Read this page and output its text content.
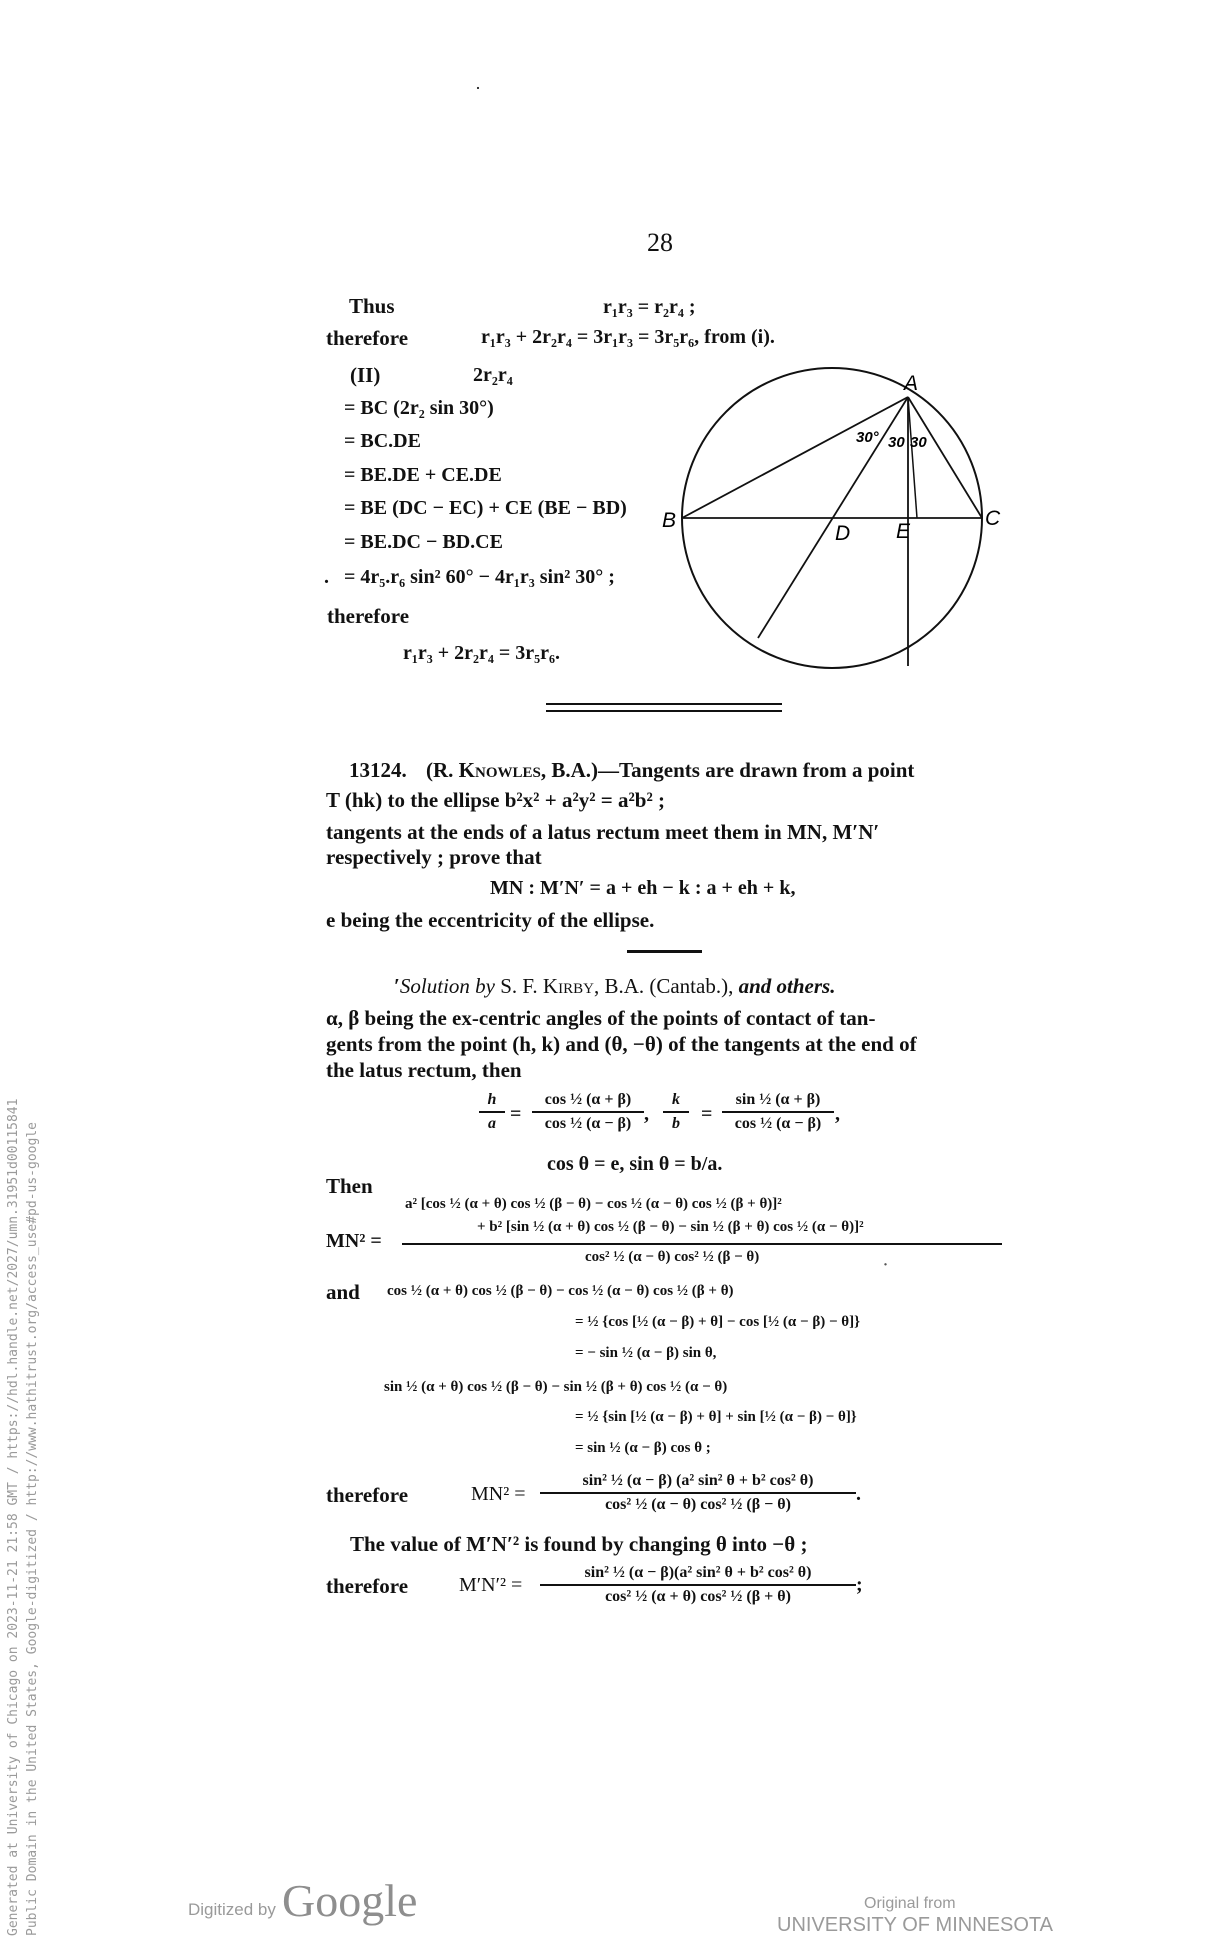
·
28
Thus	r₁r₃ = r₂r₄ ;
therefore	r₁r₃ + 2r₂r₄ = 3r₁r₃ = 3r₅r₆, from (i).
(II)	2r₂r₄
= BC (2r₂ sin 30°)
= BC.DE
= BE.DE + CE.DE
= BE (DC − EC) + CE (BE − BD)
= BE.DC − BD.CE
. = 4r₅.r₆ sin² 60° − 4r₁r₃ sin² 30° ;
therefore
r₁r₃ + 2r₂r₄ = 3r₅r₆.
A
B	C
D E
30° 30 30
13124. (R. Knowles, B.A.)—Tangents are drawn from a point
T (hk) to the ellipse b²x² + a²y² = a²b² ;
tangents at the ends of a latus rectum meet them in MN, M′N′
respectively ; prove that
MN : M′N′ = a + eh − k : a + eh + k,
e being the eccentricity of the ellipse.
ʹSolution by S. F. Kirby, B.A. (Cantab.), and others.
α, β being the ex-centric angles of the points of contact of tan-
gents from the point (h, k) and (θ, −θ) of the tangents at the end of
the latus rectum, then
$\frac{h}{a} = \frac{\text{cos ½ (α + β)}}{\text{cos ½ (α − β)}}$ , $\frac{k}{b} = \frac{\text{sin ½ (α + β)}}{\text{cos ½ (α − β)}}$ ,
cos θ = e, sin θ = b/a.
Then
a² [cos ½ (α + θ) cos ½ (β − θ) − cos ½ (α − θ) cos ½ (β + θ)]²
MN² =
+ b² [sin ½ (α + θ) cos ½ (β − θ) − sin ½ (β + θ) cos ½ (α − θ)]²
cos² ½ (α − θ) cos² ½ (β − θ)	·
and cos ½ (α + θ) cos ½ (β − θ) − cos ½ (α − θ) cos ½ (β + θ)
= ½ {cos [½ (α − β) + θ] − cos [½ (α − β) − θ]}
= − sin ½ (α − β) sin θ,
sin ½ (α + θ) cos ½ (β − θ) − sin ½ (β + θ) cos ½ (α − θ)
= ½ {sin [½ (α − β) + θ] + sin [½ (α − β) − θ]}
= sin ½ (α − β) cos θ ;
therefore	$MN^2 = \frac{\text{sin² ½ (α − β) (a² sin² θ + b² cos² θ)}}{\text{cos² ½ (α − θ) cos² ½ (β − θ)}}$ .
The value of M′N′² is found by changing θ into −θ ;
therefore	$M'N'^2 = \frac{\text{sin² ½ (α − β)(a² sin² θ + b² cos² θ)}}{\text{cos² ½ (α + θ) cos² ½ (β + θ)}}$ ;
Generated at University of Chicago on 2023-11-21 21:58 GMT / https://hdl.handle.net/2027/umn.31951d00115841 Public Domain in the United States, Google-digitized / http://www.hathitrust.org/access_use#pd-us-google	Digitized by Google	Original from
UNIVERSITY OF MINNESOTA
